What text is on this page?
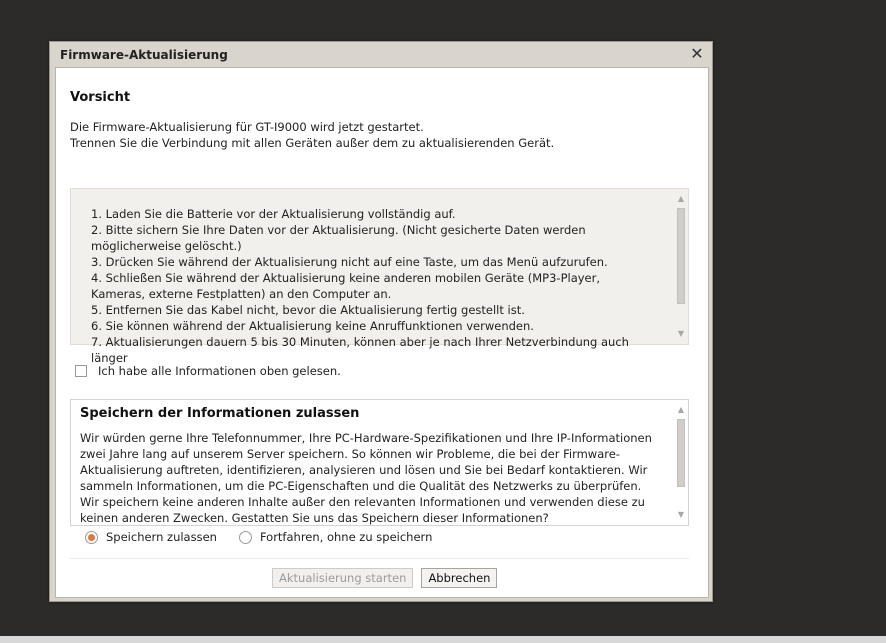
Firmware-Aktualisierung	✕
Vorsicht
Die Firmware-Aktualisierung für GT-I9000 wird jetzt gestartet.
Trennen Sie die Verbindung mit allen Geräten außer dem zu aktualisierenden Gerät.
1. Laden Sie die Batterie vor der Aktualisierung vollständig auf.
2. Bitte sichern Sie Ihre Daten vor der Aktualisierung. (Nicht gesicherte Daten werden möglicherweise gelöscht.)
3. Drücken Sie während der Aktualisierung nicht auf eine Taste, um das Menü aufzurufen.
4. Schließen Sie während der Aktualisierung keine anderen mobilen Geräte (MP3-Player, Kameras, externe Festplatten) an den Computer an.
5. Entfernen Sie das Kabel nicht, bevor die Aktualisierung fertig gestellt ist.
6. Sie können während der Aktualisierung keine Anruffunktionen verwenden.
7. Aktualisierungen dauern 5 bis 30 Minuten, können aber je nach Ihrer Netzverbindung auch länger
▲
▼
Ich habe alle Informationen oben gelesen.
Speichern der Informationen zulassen
Wir würden gerne Ihre Telefonnummer, Ihre PC-Hardware-Spezifikationen und Ihre IP-Informationen zwei Jahre lang auf unserem Server speichern. So können wir Probleme, die bei der Firmware-Aktualisierung auftreten, identifizieren, analysieren und lösen und Sie bei Bedarf kontaktieren. Wir sammeln Informationen, um die PC-Eigenschaften und die Qualität des Netzwerks zu überprüfen. Wir speichern keine anderen Inhalte außer den relevanten Informationen und verwenden diese zu keinen anderen Zwecken. Gestatten Sie uns das Speichern dieser Informationen?
▲
▼
Speichern zulassen	Fortfahren, ohne zu speichern
Aktualisierung starten	Abbrechen
